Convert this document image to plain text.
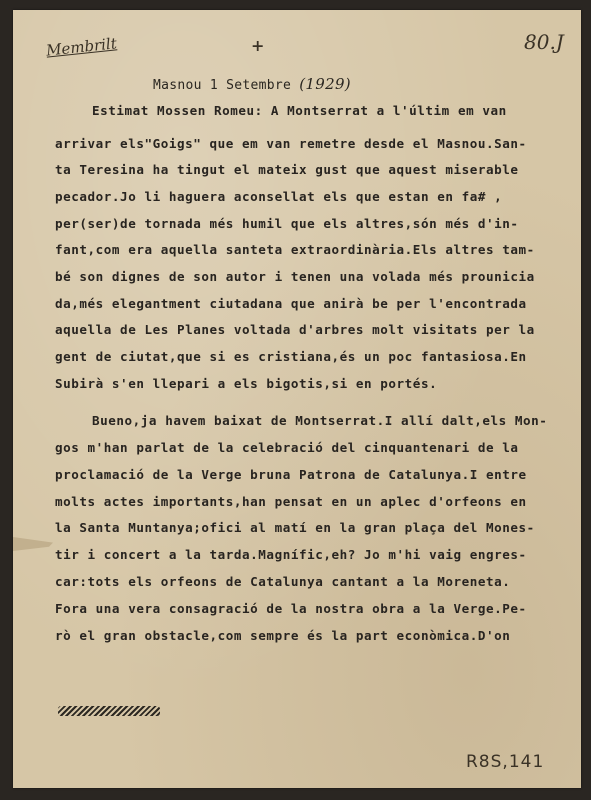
Membrilt	+	80.J
Masnou 1 Setembre (1929)
Estimat Mossen Romeu: A Montserrat a l'últim em van
arrivar els"Goigs" que em van remetre desde el Masnou.San-
ta Teresina ha tingut el mateix gust que aquest miserable
pecador.Jo li haguera aconsellat els que estan en fa# ,
per(ser)de tornada més humil que els altres,són més d'in-
fant,com era aquella santeta extraordinària.Els altres tam-
bé son dignes de son autor i tenen una volada més prounicia
da,més elegantment ciutadana que anirà be per l'encontrada
aquella de Les Planes voltada d'arbres molt visitats per la
gent de ciutat,que si es cristiana,és un poc fantasiosa.En
Subirà s'en llepari a els bigotis,si en portés.
Bueno,ja havem baixat de Montserrat.I allí dalt,els Mon-
gos m'han parlat de la celebració del cinquantenari de la
proclamació de la Verge bruna Patrona de Catalunya.I entre
molts actes importants,han pensat en un aplec d'orfeons en
la Santa Muntanya;ofici al matí en la gran plaça del Mones-
tir i concert a la tarda.Magnífic,eh? Jo m'hi vaig engres-
car:tots els orfeons de Catalunya cantant a la Moreneta.
Fora una vera consagració de la nostra obra a la Verge.Pe-
rò el gran obstacle,com sempre és la part econòmica.D'on
R8S,141
